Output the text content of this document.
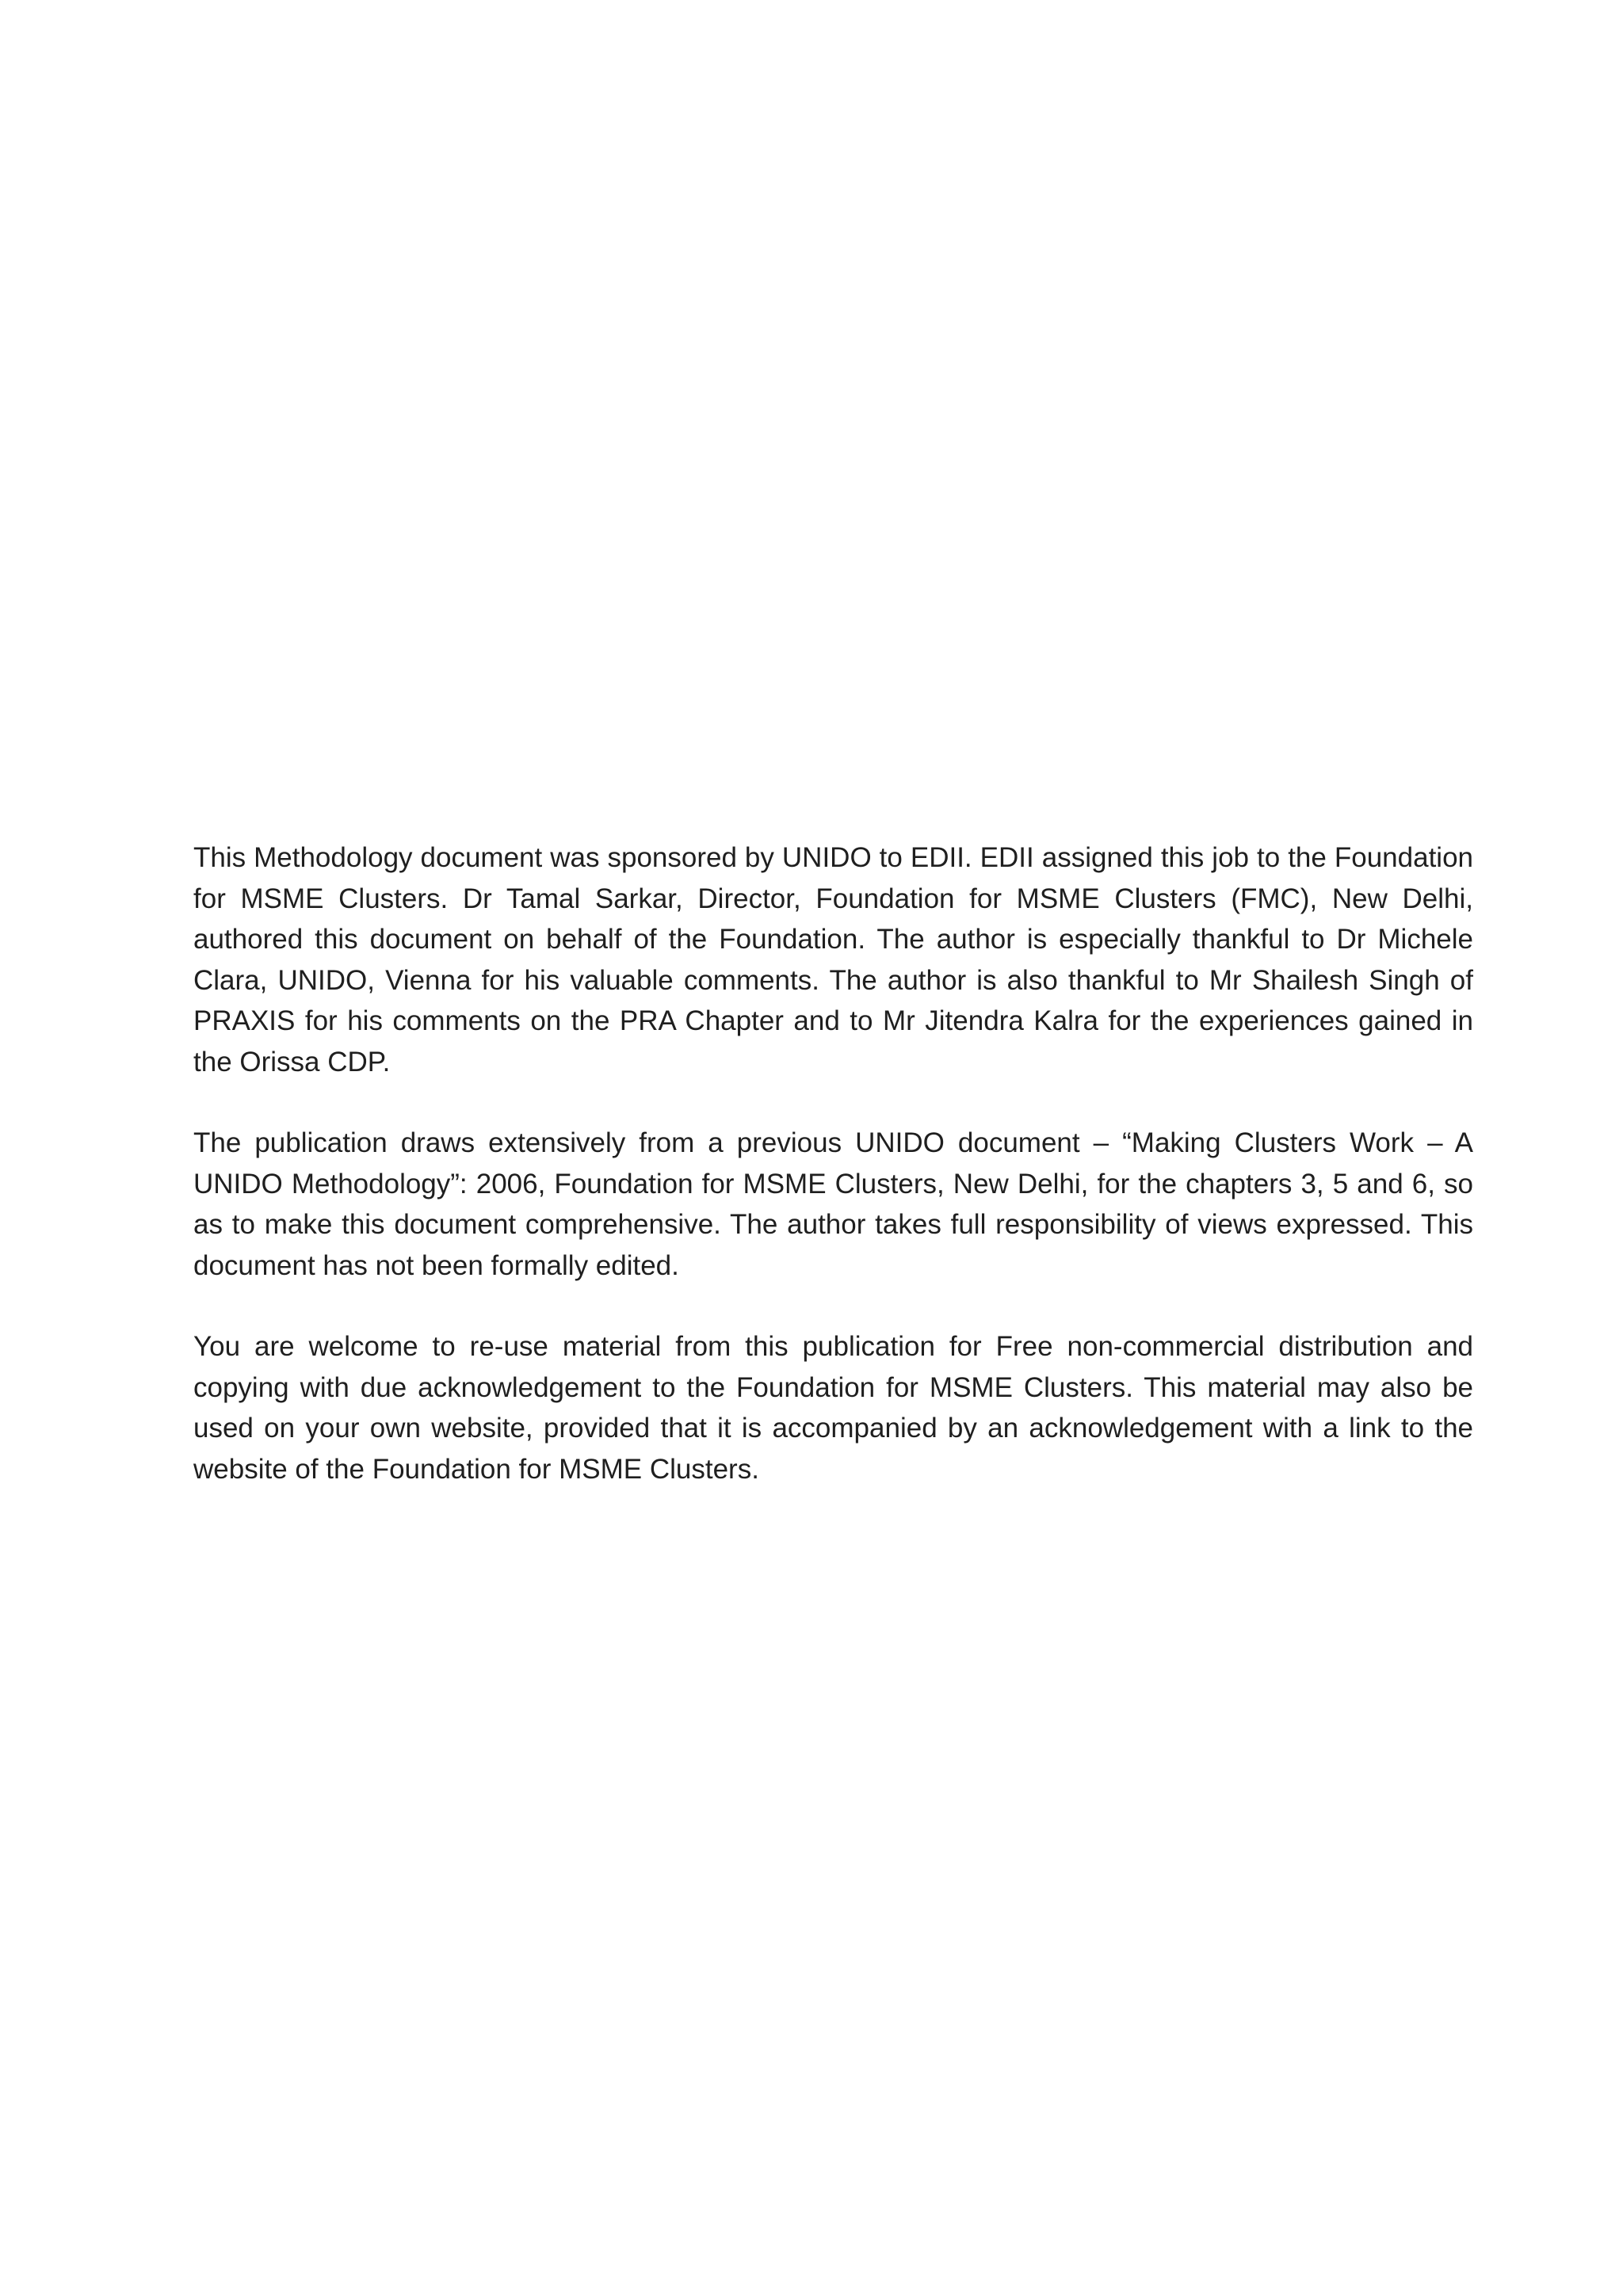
This Methodology document was sponsored by UNIDO to EDII. EDII assigned this job to the Foundation for MSME Clusters. Dr Tamal Sarkar, Director, Foundation for MSME Clusters (FMC), New Delhi, authored this document on behalf of the Foundation. The author is especially thankful to Dr Michele Clara, UNIDO, Vienna for his valuable comments. The author is also thankful to Mr Shailesh Singh of PRAXIS for his comments on the PRA Chapter and to Mr Jitendra Kalra for the experiences gained in the Orissa CDP.

The publication draws extensively from a previous UNIDO document – “Making Clusters Work – A UNIDO Methodology”: 2006, Foundation for MSME Clusters, New Delhi, for the chapters 3, 5 and 6, so as to make this document comprehensive. The author takes full responsibility of views expressed. This document has not been formally edited.

You are welcome to re-use material from this publication for Free non-commercial distribution and copying with due acknowledgement to the Foundation for MSME Clusters. This material may also be used on your own website, provided that it is accompanied by an acknowledgement with a link to the website of the Foundation for MSME Clusters.
